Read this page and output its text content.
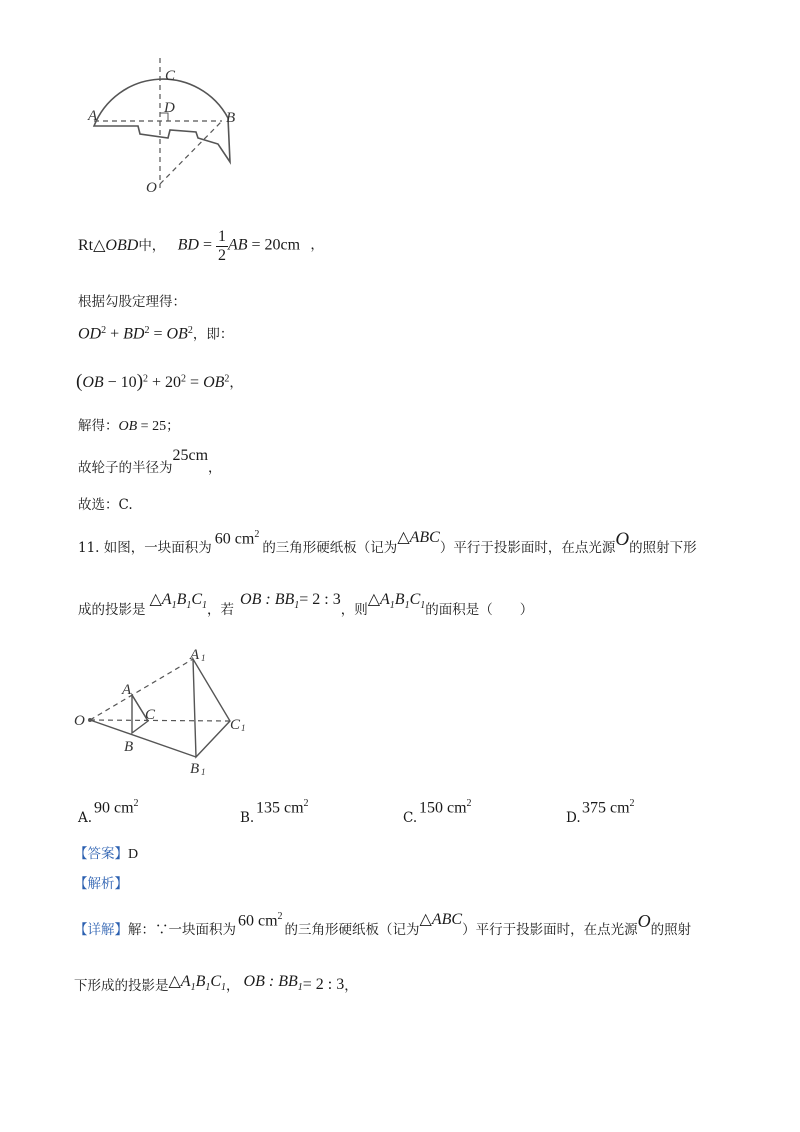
C
A	D
B
O
Rt△OBD中， BD = $\frac{1}{2}$ AB = 20cm ，
根据勾股定理得：
$OD^2 + BD^2 = OB^2$，即：
$(OB - 10)^2 + 20^2 = OB^2$，
解得：OB = 25；
故轮子的半径为25cm，
故选：C.
11. 如图，一块面积为60 $cm^2$的三角形硬纸板（记为△ABC）平行于投影面时，在点光源O的照射下形
成的投影是$\triangle A_1B_1C_1$，若OB : $BB_1= 2$ : 3，则$\triangle A_1B_1C_1$的面积是（　　）
A
A 1
C
C 1
O
B
B 1
A.
90 $cm^2$
B.
135 $cm^2$
C.
150 $cm^2$
D.
375 $cm^2$
【答案】D
【解析】
【详解】解：∵一块面积为60 $cm^2$的三角形硬纸板（记为△ABC）平行于投影面时，在点光源O的照射
下形成的投影是$\triangle A_1B_1C_1$， OB : $BB_1= 2$ : 3，
